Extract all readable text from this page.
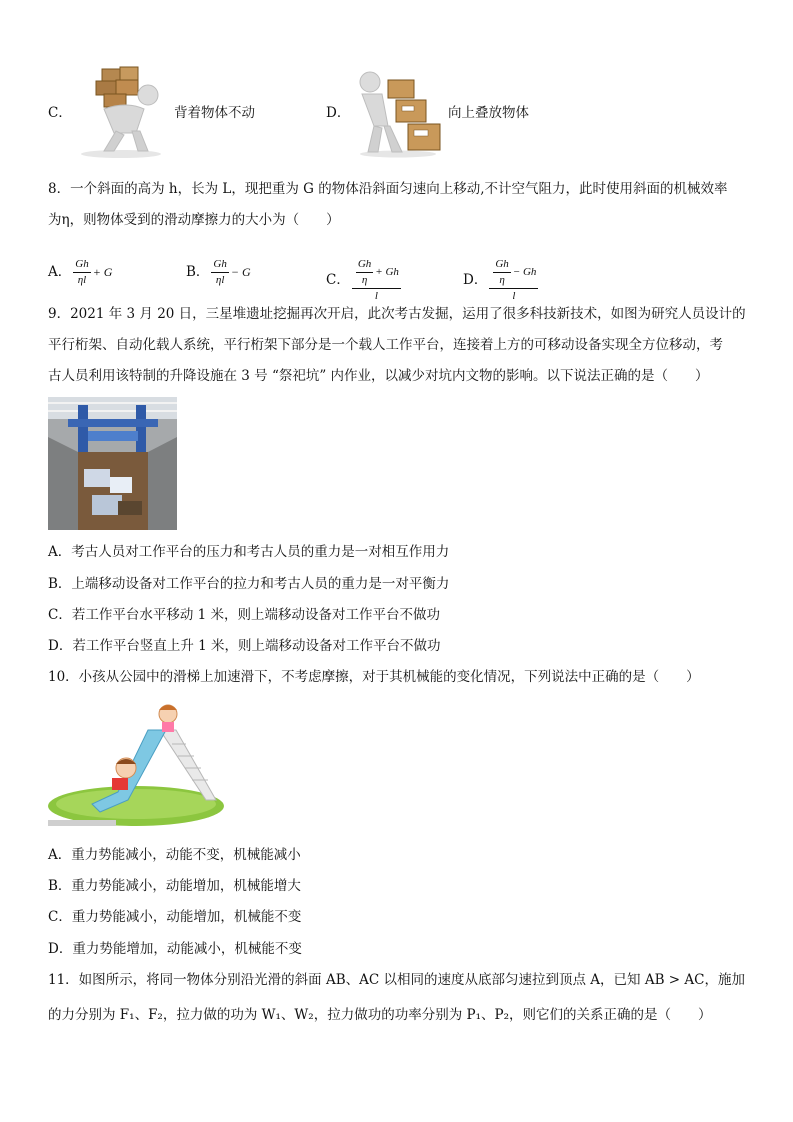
C．	背着物体不动	D．	向上叠放物体
8．一个斜面的高为 h，长为 L，现把重为 G 的物体沿斜面匀速向上移动,不计空气阻力，此时使用斜面的机械效率
为η，则物体受到的滑动摩擦力的大小为（　　）
A． $\frac{Gh}{\eta l} + G$	B． $\frac{Gh}{\eta l} - G$	C． $\frac{\frac{Gh}{\eta} + Gh}{l}$	D． $\frac{\frac{Gh}{\eta} - Gh}{l}$
9．2021 年 3 月 20 日，三星堆遗址挖掘再次开启，此次考古发掘，运用了很多科技新技术，如图为研究人员设计的
平行桁架、自动化载人系统，平行桁架下部分是一个载人工作平台，连接着上方的可移动设备实现全方位移动，考
古人员利用该特制的升降设施在 3 号 “祭祀坑” 内作业，以减少对坑内文物的影响。以下说法正确的是（　　）
A．考古人员对工作平台的压力和考古人员的重力是一对相互作用力
B．上端移动设备对工作平台的拉力和考古人员的重力是一对平衡力
C．若工作平台水平移动 1 米，则上端移动设备对工作平台不做功
D．若工作平台竖直上升 1 米，则上端移动设备对工作平台不做功
10．小孩从公园中的滑梯上加速滑下，不考虑摩擦，对于其机械能的变化情况，下列说法中正确的是（　　）
A．重力势能减小，动能不变，机械能减小
B．重力势能减小，动能增加，机械能增大
C．重力势能减小，动能增加，机械能不变
D．重力势能增加，动能减小，机械能不变
11．如图所示，将同一物体分别沿光滑的斜面 AB、AC 以相同的速度从底部匀速拉到顶点 A，已知 AB > AC，施加
的力分别为 F₁、F₂，拉力做的功为 W₁、W₂，拉力做功的功率分别为 P₁、P₂，则它们的关系正确的是（　　）
